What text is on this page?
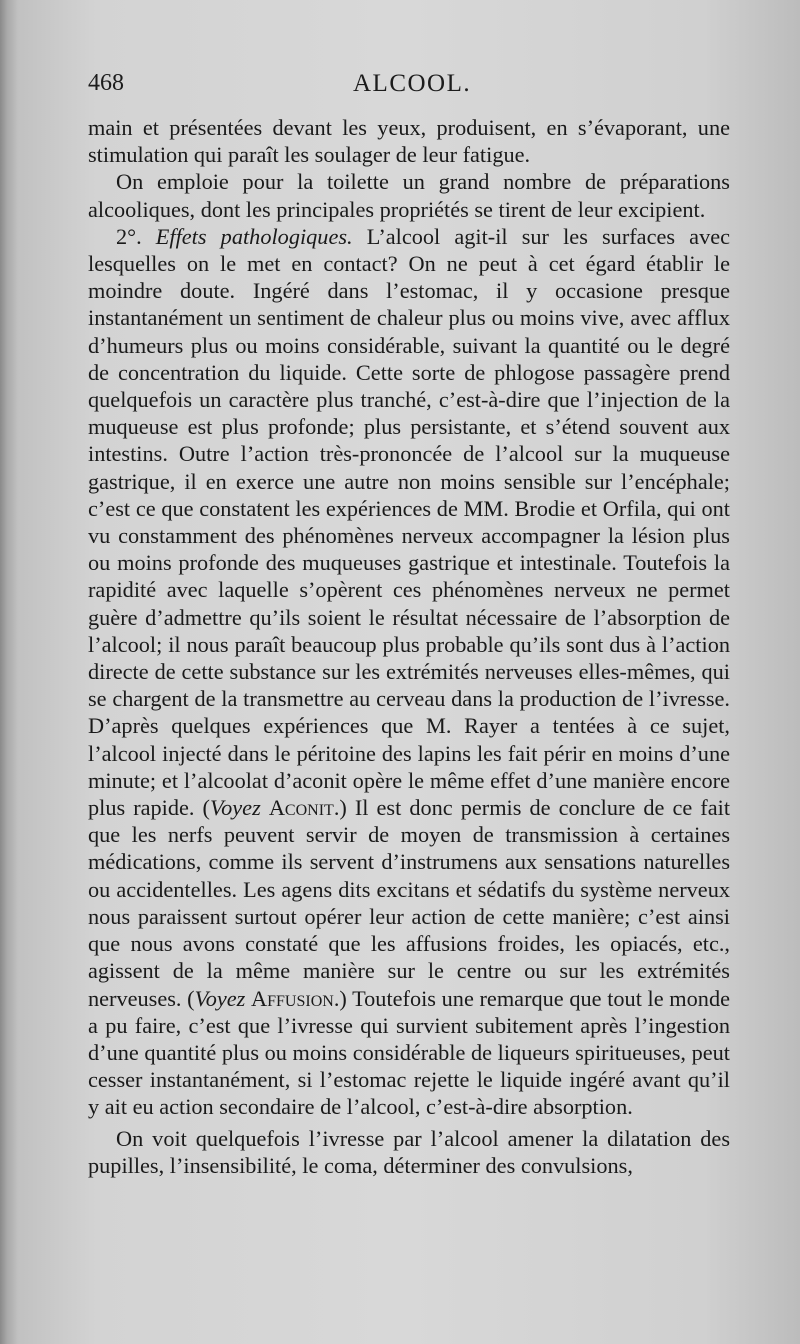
468	ALCOOL.

main et présentées devant les yeux, produisent, en s’évaporant, une stimulation qui paraît les soulager de leur fatigue.

On emploie pour la toilette un grand nombre de préparations alcooliques, dont les principales propriétés se tirent de leur excipient.

2°. Effets pathologiques. L’alcool agit-il sur les surfaces avec lesquelles on le met en contact? On ne peut à cet égard établir le moindre doute. Ingéré dans l’estomac, il y occasione presque instantanément un sentiment de chaleur plus ou moins vive, avec afflux d’humeurs plus ou moins considérable, suivant la quantité ou le degré de concentration du liquide. Cette sorte de phlogose passagère prend quelquefois un caractère plus tranché, c’est-à-dire que l’injection de la muqueuse est plus profonde; plus persistante, et s’étend souvent aux intestins. Outre l’action très-prononcée de l’alcool sur la muqueuse gastrique, il en exerce une autre non moins sensible sur l’encéphale; c’est ce que constatent les expériences de MM. Brodie et Orfila, qui ont vu constamment des phénomènes nerveux accompagner la lésion plus ou moins profonde des muqueuses gastrique et intestinale. Toutefois la rapidité avec laquelle s’opèrent ces phénomènes nerveux ne permet guère d’admettre qu’ils soient le résultat nécessaire de l’absorption de l’alcool; il nous paraît beaucoup plus probable qu’ils sont dus à l’action directe de cette substance sur les extrémités nerveuses elles-mêmes, qui se chargent de la transmettre au cerveau dans la production de l’ivresse. D’après quelques expériences que M. Rayer a tentées à ce sujet, l’alcool injecté dans le péritoine des lapins les fait périr en moins d’une minute; et l’alcoolat d’aconit opère le même effet d’une manière encore plus rapide. (Voyez Aconit.) Il est donc permis de conclure de ce fait que les nerfs peuvent servir de moyen de transmission à certaines médications, comme ils servent d’instrumens aux sensations naturelles ou accidentelles. Les agens dits excitans et sédatifs du système nerveux nous paraissent surtout opérer leur action de cette manière; c’est ainsi que nous avons constaté que les affusions froides, les opiacés, etc., agissent de la même manière sur le centre ou sur les extrémités nerveuses. (Voyez Affusion.) Toutefois une remarque que tout le monde a pu faire, c’est que l’ivresse qui survient subitement après l’ingestion d’une quantité plus ou moins considérable de liqueurs spiritueuses, peut cesser instantanément, si l’estomac rejette le liquide ingéré avant qu’il y ait eu action secondaire de l’alcool, c’est-à-dire absorption.

On voit quelquefois l’ivresse par l’alcool amener la dilatation des pupilles, l’insensibilité, le coma, déterminer des convulsions,
